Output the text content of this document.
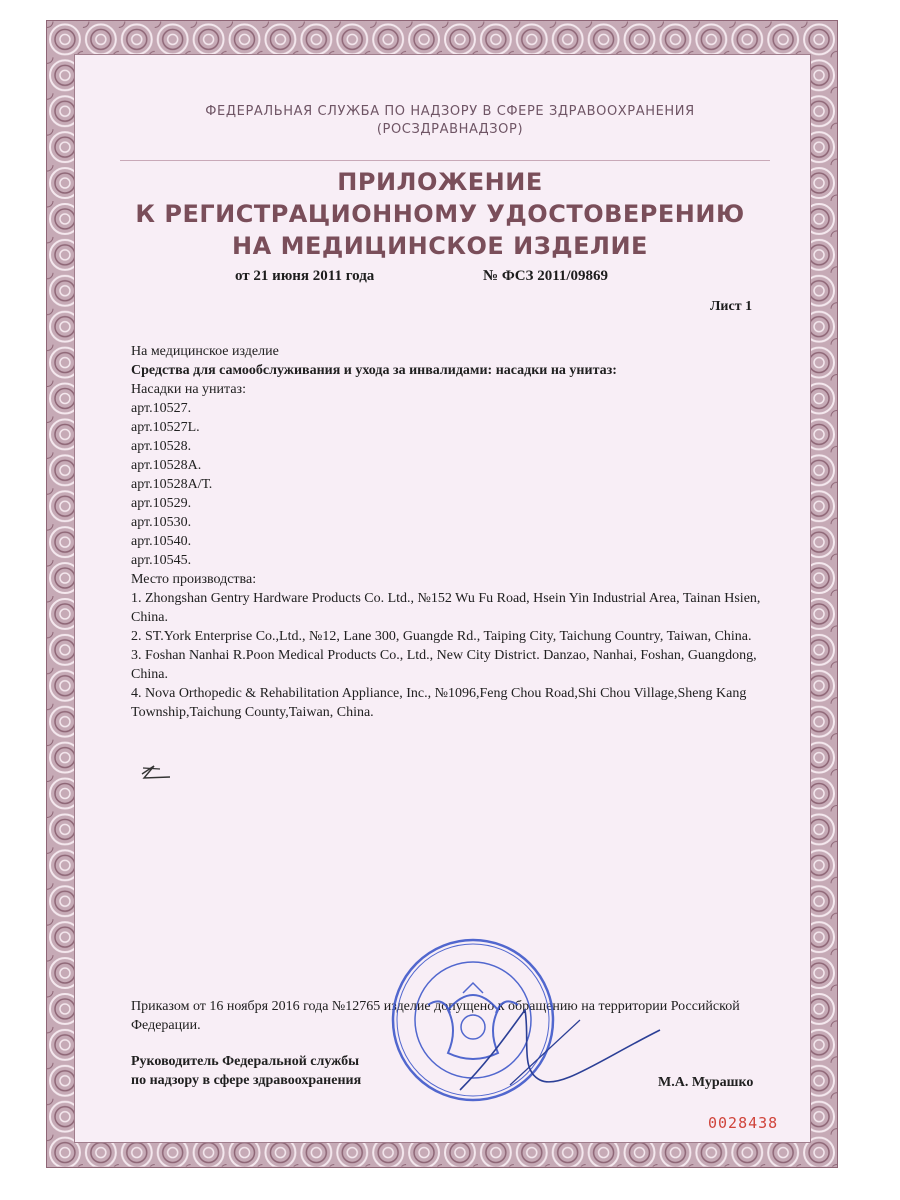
ФЕДЕРАЛЬНАЯ СЛУЖБА ПО НАДЗОРУ В СФЕРЕ ЗДРАВООХРАНЕНИЯ
(РОСЗДРАВНАДЗОР)
ПРИЛОЖЕНИЕ
К РЕГИСТРАЦИОННОМУ УДОСТОВЕРЕНИЮ
НА МЕДИЦИНСКОЕ ИЗДЕЛИЕ
от 21 июня 2011 года	№ ФСЗ 2011/09869
Лист 1
На медицинское изделие
Средства для самообслуживания и ухода за инвалидами: насадки на унитаз:
Насадки на унитаз:
арт.10527.
арт.10527L.
арт.10528.
арт.10528А.
арт.10528А/Т.
арт.10529.
арт.10530.
арт.10540.
арт.10545.
Место производства:
1. Zhongshan Gentry Hardware Products Co. Ltd., №152 Wu Fu Road, Hsein Yin Industrial Area, Tainan Hsien, China.
2. ST.York Enterprise Co.,Ltd., №12, Lane 300, Guangde Rd., Taiping City, Taichung Country, Taiwan, China.
3. Foshan Nanhai R.Poon Medical Products Co., Ltd., New City District. Danzao, Nanhai, Foshan, Guangdong, China.
4. Nova Orthopedic & Rehabilitation Appliance, Inc., №1096,Feng Chou Road,Shi Chou Village,Sheng Kang Township,Taichung County,Taiwan, China.
Приказом от 16 ноября 2016 года №12765 изделие допущено к обращению на территории Российской Федерации.
Руководитель Федеральной службы
по надзору в сфере здравоохранения	М.А. Мурашко
0028438
